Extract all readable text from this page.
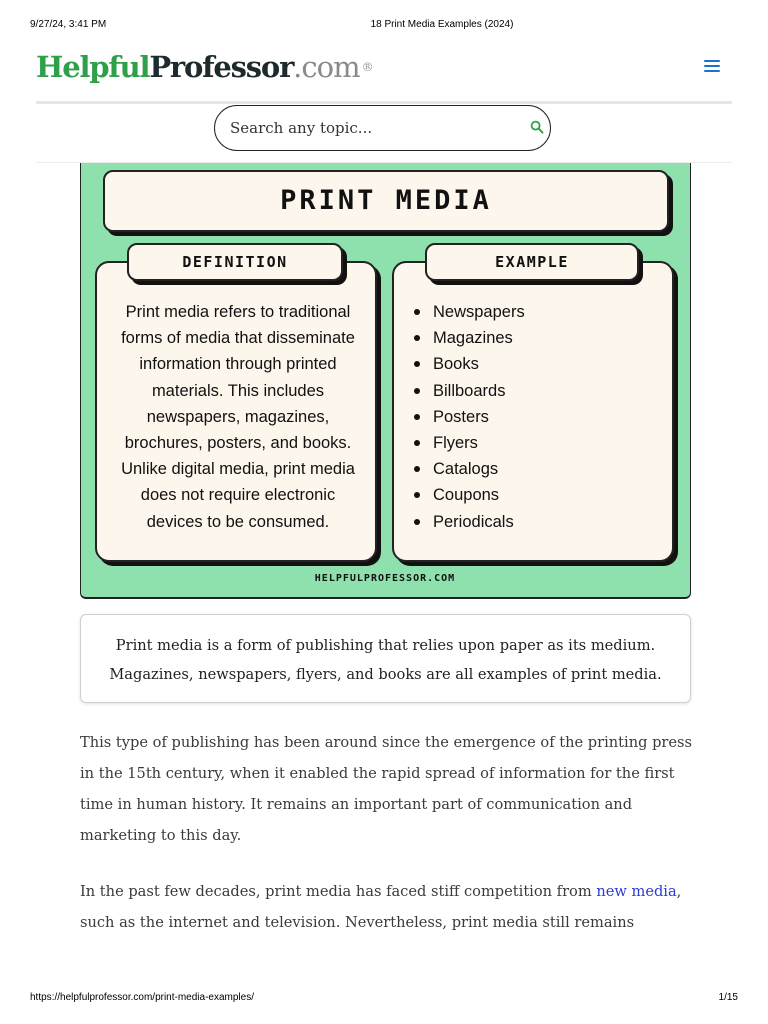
9/27/24, 3:41 PM	18 Print Media Examples (2024)
HelpfulProfessor.com ®
Search any topic...
PRINT MEDIA
Print media refers to traditional
forms of media that disseminate
information through printed
materials. This includes
newspapers, magazines,
brochures, posters, and books.
Unlike digital media, print media
does not require electronic
devices to be consumed.
DEFINITION
Newspapers
Magazines
Books
Billboards
Posters
Flyers
Catalogs
Coupons
Periodicals
EXAMPLE
HELPFULPROFESSOR.COM
Print media is a form of publishing that relies upon paper as its medium.
Magazines, newspapers, flyers, and books are all examples of print media.
This type of publishing has been around since the emergence of the printing press
in the 15th century, when it enabled the rapid spread of information for the first
time in human history. It remains an important part of communication and
marketing to this day.
In the past few decades, print media has faced stiff competition from new media,
such as the internet and television. Nevertheless, print media still remains
https://helpfulprofessor.com/print-media-examples/	1/15
